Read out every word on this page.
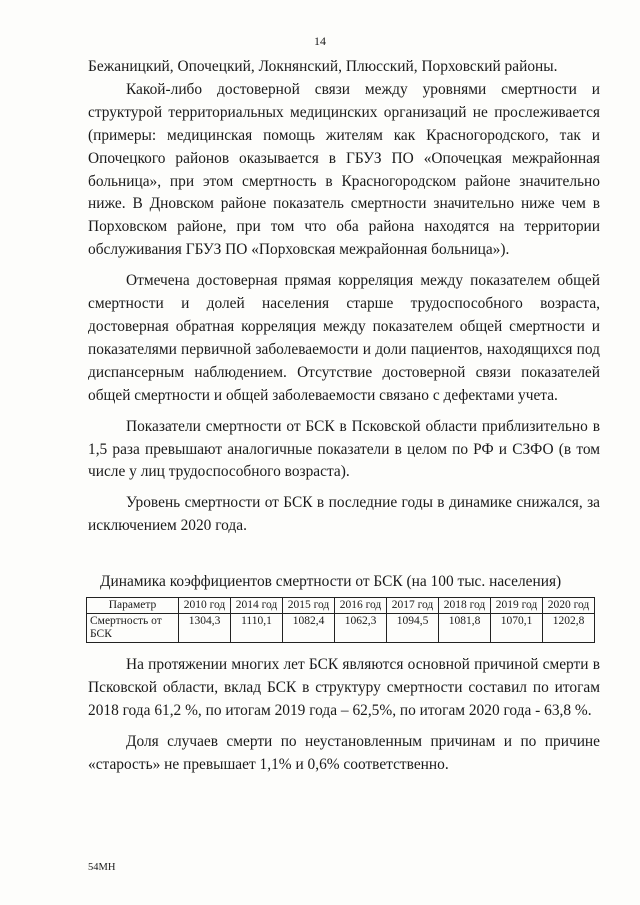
14

Бежаницкий, Опочецкий, Локнянский, Плюсский, Порховский районы.

Какой-либо достоверной связи между уровнями смертности и структурой территориальных медицинских организаций не прослеживается (примеры: медицинская помощь жителям как Красногородского, так и Опочецкого районов оказывается в ГБУЗ ПО «Опочецкая межрайонная больница», при этом смертность в Красногородском районе значительно ниже. В Дновском районе показатель смертности значительно ниже чем в Порховском районе, при том что оба района находятся на территории обслуживания ГБУЗ ПО «Порховская межрайонная больница»).

Отмечена достоверная прямая корреляция между показателем общей смертности и долей населения старше трудоспособного возраста, достоверная обратная корреляция между показателем общей смертности и показателями первичной заболеваемости и доли пациентов, находящихся под диспансерным наблюдением. Отсутствие достоверной связи показателей общей смертности и общей заболеваемости связано с дефектами учета.

Показатели смертности от БСК в Псковской области приблизительно в 1,5 раза превышают аналогичные показатели в целом по РФ и СЗФО (в том числе у лиц трудоспособного возраста).

Уровень смертности от БСК в последние годы в динамике снижался, за исключением 2020 года.

Динамика коэффициентов смертности от БСК (на 100 тыс. населения)
Параметр	2010 год	2014 год	2015 год	2016 год	2017 год	2018 год	2019 год	2020 год
Смертность от БСК	1304,3	1110,1	1082,4	1062,3	1094,5	1081,8	1070,1	1202,8

На протяжении многих лет БСК являются основной причиной смерти в Псковской области, вклад БСК в структуру смертности составил по итогам 2018 года 61,2 %, по итогам 2019 года – 62,5%, по итогам 2020 года - 63,8 %.

Доля случаев смерти по неустановленным причинам и по причине «старость» не превышает 1,1% и 0,6% соответственно.

54МН
